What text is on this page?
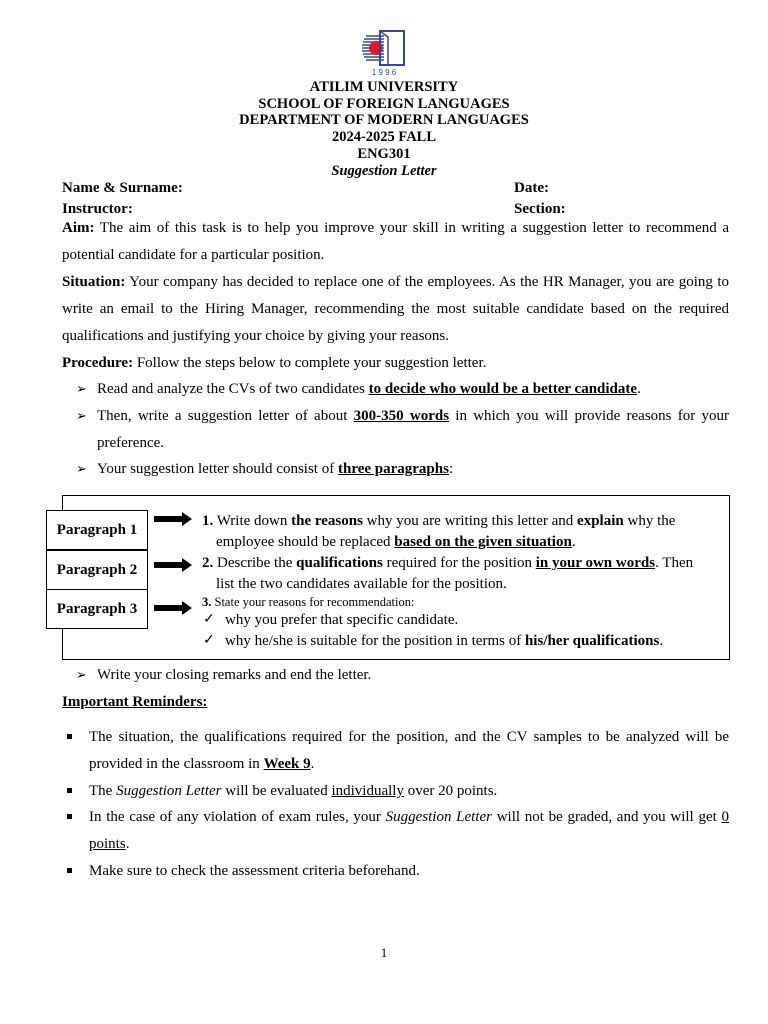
1 9 9 6
ATILIM UNIVERSITY
SCHOOL OF FOREIGN LANGUAGES
DEPARTMENT OF MODERN LANGUAGES
2024-2025 FALL
ENG301
Suggestion Letter
Name & Surname:	Date:
Instructor:	Section:
Aim: The aim of this task is to help you improve your skill in writing a suggestion letter to recommend a potential candidate for a particular position.
Situation: Your company has decided to replace one of the employees. As the HR Manager, you are going to write an email to the Hiring Manager, recommending the most suitable candidate based on the required qualifications and justifying your choice by giving your reasons.
Procedure: Follow the steps below to complete your suggestion letter.
➢ Read and analyze the CVs of two candidates to decide who would be a better candidate.
➢ Then, write a suggestion letter of about 300-350 words in which you will provide reasons for your preference.
➢ Your suggestion letter should consist of three paragraphs:
Paragraph 1
Paragraph 2
Paragraph 3
1. Write down the reasons why you are writing this letter and explain why the
employee should be replaced based on the given situation.
2. Describe the qualifications required for the position in your own words. Then
list the two candidates available for the position.
3. State your reasons for recommendation:
✓ why you prefer that specific candidate.
✓ why he/she is suitable for the position in terms of his/her qualifications.
➢ Write your closing remarks and end the letter.
Important Reminders:
The situation, the qualifications required for the position, and the CV samples to be analyzed will be provided in the classroom in Week 9.
The Suggestion Letter will be evaluated individually over 20 points.
In the case of any violation of exam rules, your Suggestion Letter will not be graded, and you will get 0 points.
Make sure to check the assessment criteria beforehand.
1
